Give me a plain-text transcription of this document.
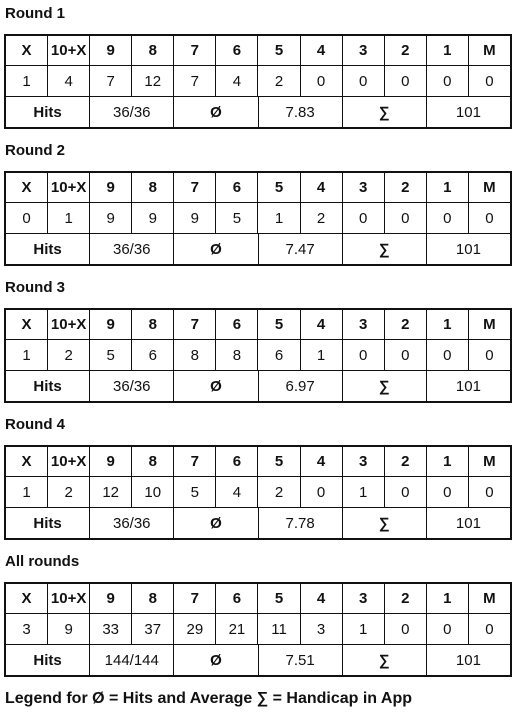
Round 1
X	10+X	9	8	7	6	5	4	3	2	1	M
1	4	7	12	7	4	2	0	0	0	0	0
Hits	36/36	Ø	7.83	∑	101
Round 2
X	10+X	9	8	7	6	5	4	3	2	1	M
0	1	9	9	9	5	1	2	0	0	0	0
Hits	36/36	Ø	7.47	∑	101
Round 3
X	10+X	9	8	7	6	5	4	3	2	1	M
1	2	5	6	8	8	6	1	0	0	0	0
Hits	36/36	Ø	6.97	∑	101
Round 4
X	10+X	9	8	7	6	5	4	3	2	1	M
1	2	12	10	5	4	2	0	1	0	0	0
Hits	36/36	Ø	7.78	∑	101
All rounds
X	10+X	9	8	7	6	5	4	3	2	1	M
3	9	33	37	29	21	11	3	1	0	0	0
Hits	144/144	Ø	7.51	∑	101
Legend for Ø = Hits and Average ∑ = Handicap in App
